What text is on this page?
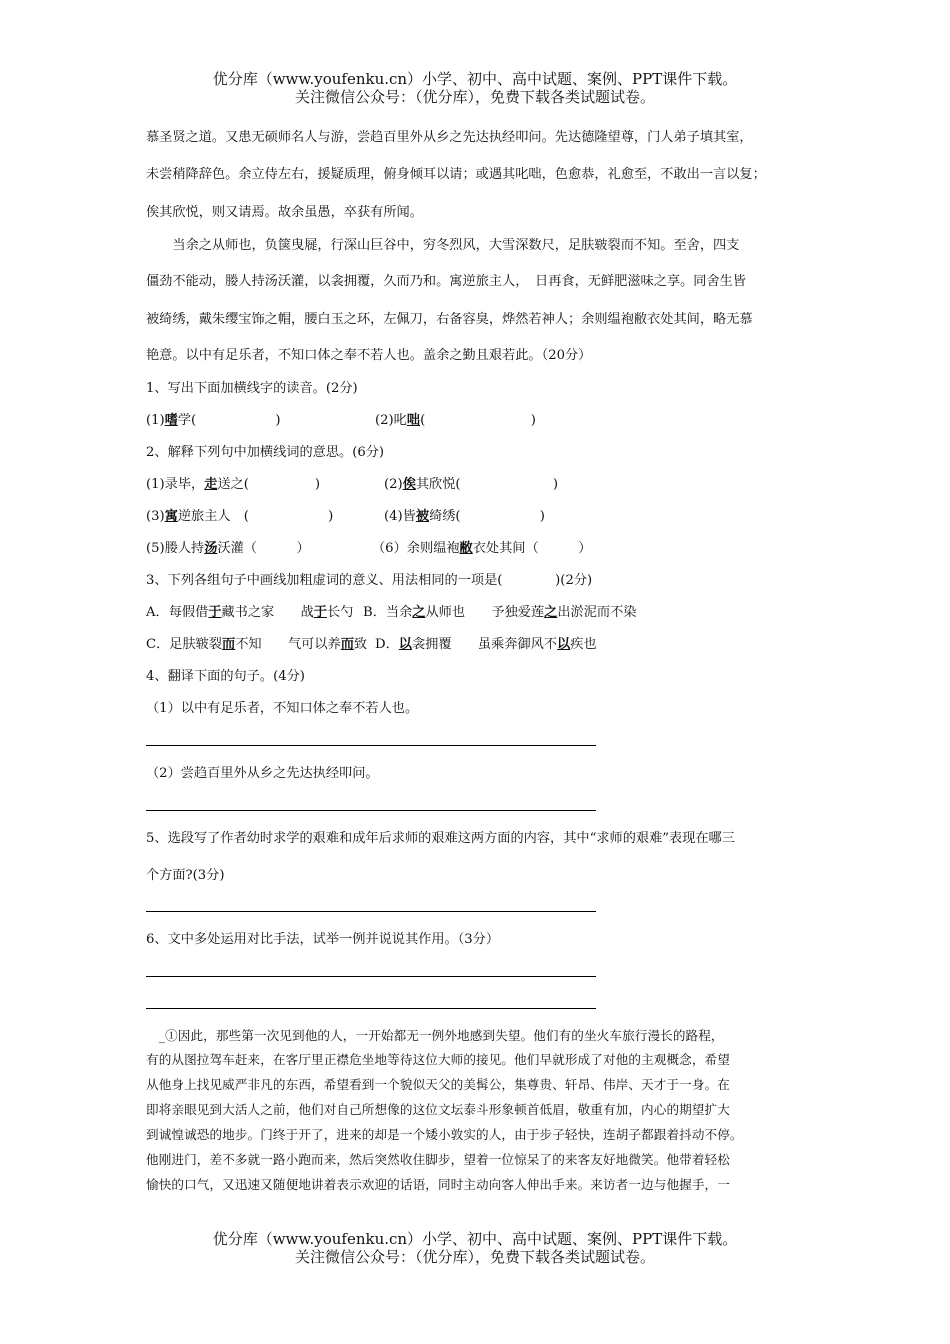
优分库（www.youfenku.cn）小学、初中、高中试题、案例、PPT课件下载。
关注微信公众号：（优分库），免费下载各类试题试卷。
慕圣贤之道。又患无硕师名人与游，尝趋百里外从乡之先达执经叩问。先达德隆望尊，门人弟子填其室，
未尝稍降辞色。余立侍左右，援疑质理，俯身倾耳以请；或遇其叱咄，色愈恭，礼愈至，不敢出一言以复；
俟其欣悦，则又请焉。故余虽愚，卒获有所闻。
　　当余之从师也，负箧曳屣，行深山巨谷中，穷冬烈风，大雪深数尺，足肤皲裂而不知。至舍，四支
僵劲不能动，媵人持汤沃灌，以衾拥覆，久而乃和。寓逆旅主人，　日再食，无鲜肥滋味之享。同舍生皆
被绮绣，戴朱缨宝饰之帽，腰白玉之环，左佩刀，右备容臭，烨然若神人；余则缊袍敝衣处其间，略无慕
艳意。以中有足乐者，不知口体之奉不若人也。盖余之勤且艰若此。（20分）
1、写出下面加横线字的读音。(2分)
(1)嗜学(　　　　　　)	(2)叱咄(　　　　　　　　)
2、解释下列句中加横线词的意思。(6分)
(1)录毕，走送之(　　　　　)	(2)俟其欣悦(　　　　　　　)
(3)寓逆旅主人　(　　　　　　)	(4)皆被绮绣(　　　　　　)
(5)媵人持汤沃灌（　　　）	（6）余则缊袍敝衣处其间（　　　）
3、下列各组句子中画线加粗虚词的意义、用法相同的一项是(　　　　)(2分)
A．每假借于藏书之家　　战于长勺 B．当余之从师也　　予独爱莲之出淤泥而不染
C．足肤皲裂而不知　　气可以养而致 D．以衾拥覆　　虽乘奔御风不以疾也
4、翻译下面的句子。(4分)
（1）以中有足乐者，不知口体之奉不若人也。
（2）尝趋百里外从乡之先达执经叩问。
5、选段写了作者幼时求学的艰难和成年后求师的艰难这两方面的内容，其中“求师的艰难”表现在哪三
个方面?(3分)
6、文中多处运用对比手法，试举一例并说说其作用。（3分）
　_①因此，那些第一次见到他的人，一开始都无一例外地感到失望。他们有的坐火车旅行漫长的路程，
有的从图拉驾车赶来，在客厅里正襟危坐地等待这位大师的接见。他们早就形成了对他的主观概念，希望
从他身上找见威严非凡的东西，希望看到一个貌似天父的美髯公，集尊贵、轩昂、伟岸、天才于一身。在
即将亲眼见到大活人之前，他们对自己所想像的这位文坛泰斗形象顿首低眉，敬重有加，内心的期望扩大
到诚惶诚恐的地步。门终于开了，进来的却是一个矮小敦实的人，由于步子轻快，连胡子都跟着抖动不停。
他刚进门，差不多就一路小跑而来，然后突然收住脚步，望着一位惊呆了的来客友好地微笑。他带着轻松
愉快的口气，又迅速又随便地讲着表示欢迎的话语，同时主动向客人伸出手来。来访者一边与他握手，一
优分库（www.youfenku.cn）小学、初中、高中试题、案例、PPT课件下载。
关注微信公众号：（优分库），免费下载各类试题试卷。
